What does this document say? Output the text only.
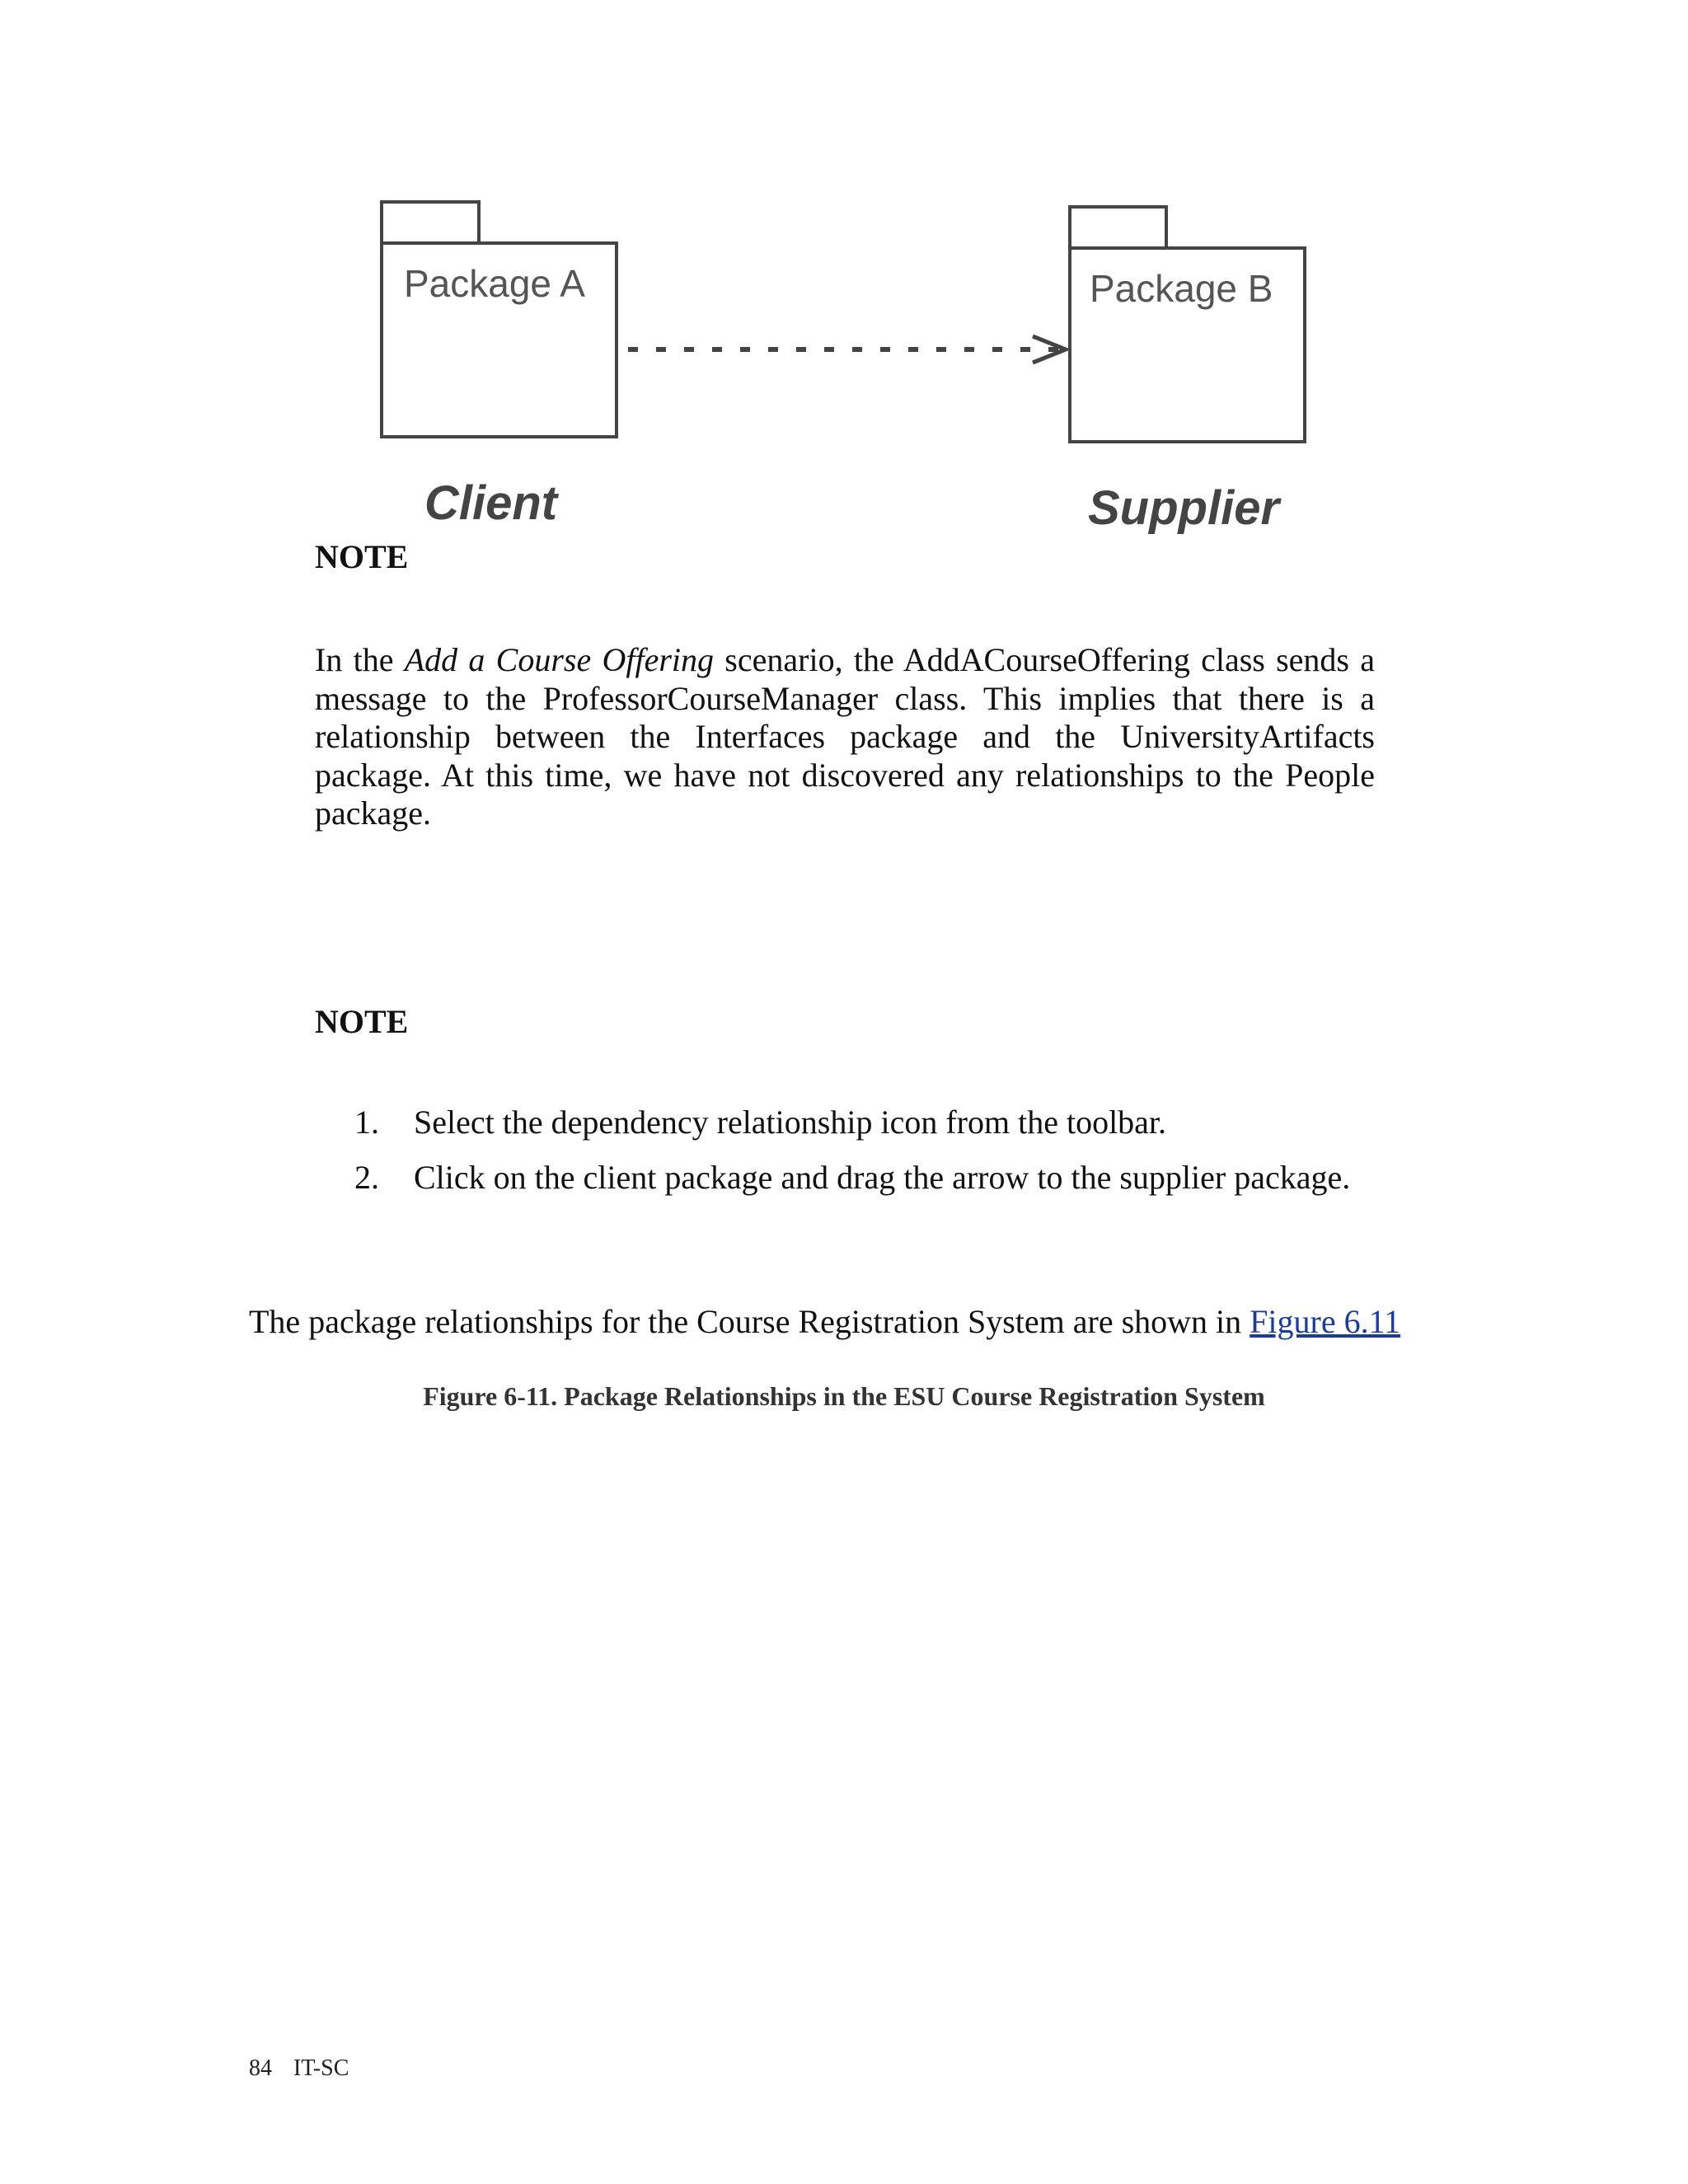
Package A	Package B
Client	Supplier
NOTE

In the Add a Course Offering scenario, the AddACourseOffering class sends a message to the ProfessorCourseManager class. This implies that there is a relationship between the Interfaces package and the UniversityArtifacts package. At this time, we have not discovered any relationships to the People package.

NOTE
1.	Select the dependency relationship icon from the toolbar.
2.	Click on the client package and drag the arrow to the supplier package.

The package relationships for the Course Registration System are shown in Figure 6.11

Figure 6-11. Package Relationships in the ESU Course Registration System

84 IT-SC
